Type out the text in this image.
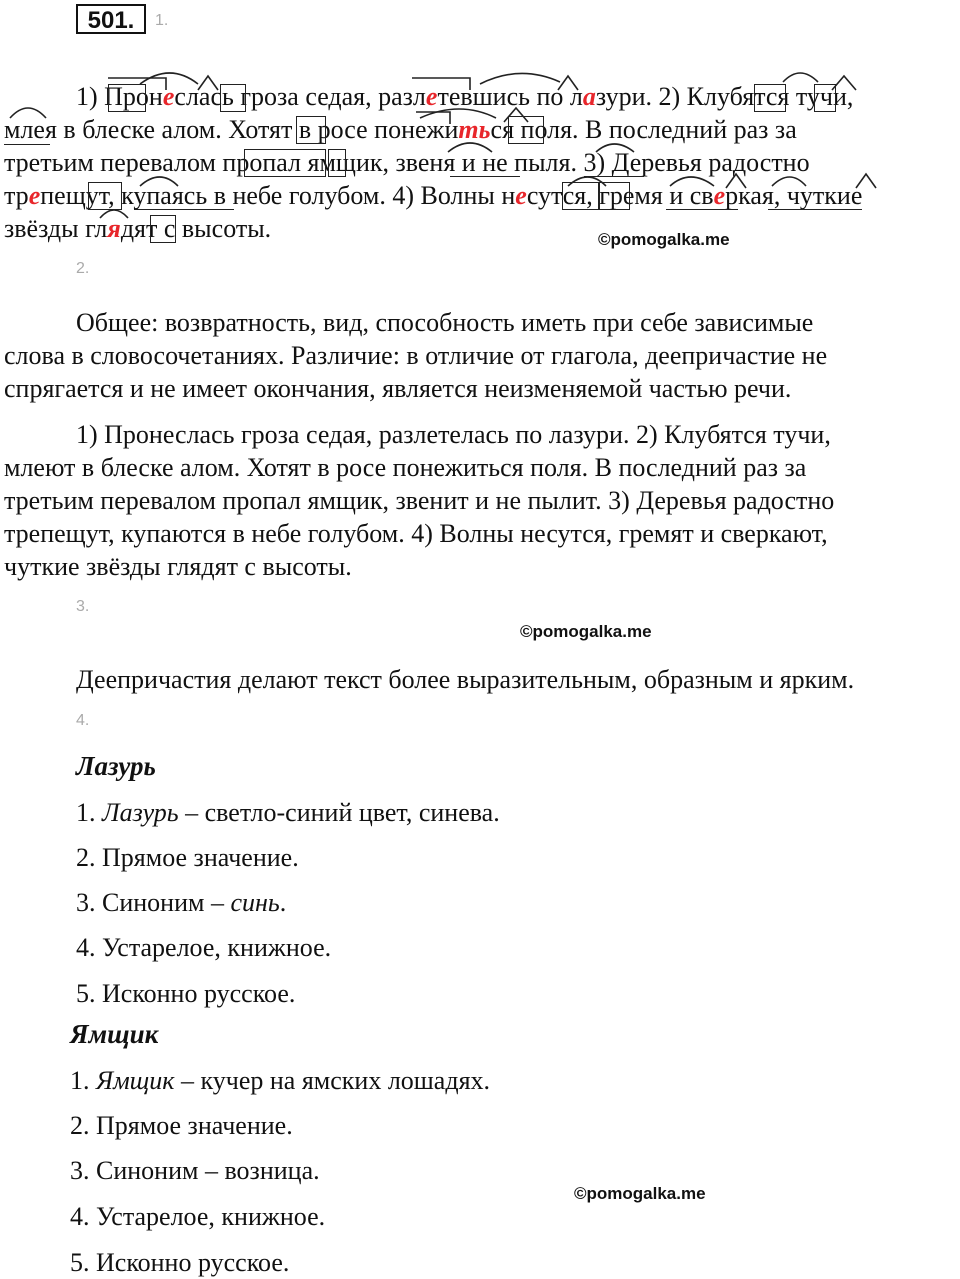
501.	1.
1) Пронеслась гроза седая, разлетевшись по лазури. 2) Клубятся тучи,
млея в блеске алом. Хотят в росе понежиться поля. В последний раз за
третьим перевалом пропал ямщик, звеня и не пыля. 3) Деревья радостно
трепещут, купаясь в небе голубом. 4) Волны несутся, гремя и сверкая, чуткие
звёзды глядят с высоты.	©pomogalka.me
2.
Общее: возвратность, вид, способность иметь при себе зависимые
слова в словосочетаниях. Различие: в отличие от глагола, деепричастие не
спрягается и не имеет окончания, является неизменяемой частью речи.
1) Пронеслась гроза седая, разлетелась по лазури. 2) Клубятся тучи,
млеют в блеске алом. Хотят в росе понежиться поля. В последний раз за
третьим перевалом пропал ямщик, звенит и не пылит. 3) Деревья радостно
трепещут, купаются в небе голубом. 4) Волны несутся, гремят и сверкают,
чуткие звёзды глядят с высоты.
3.
©pomogalka.me
Деепричастия делают текст более выразительным, образным и ярким.
4.
Лазурь
1. Лазурь – светло-синий цвет, синева.
2. Прямое значение.
3. Синоним – синь.
4. Устарелое, книжное.
5. Исконно русское.
Ямщик
1. Ямщик – кучер на ямских лошадях.
2. Прямое значение.
3. Синоним – возница.
©pomogalka.me
4. Устарелое, книжное.
5. Исконно русское.
